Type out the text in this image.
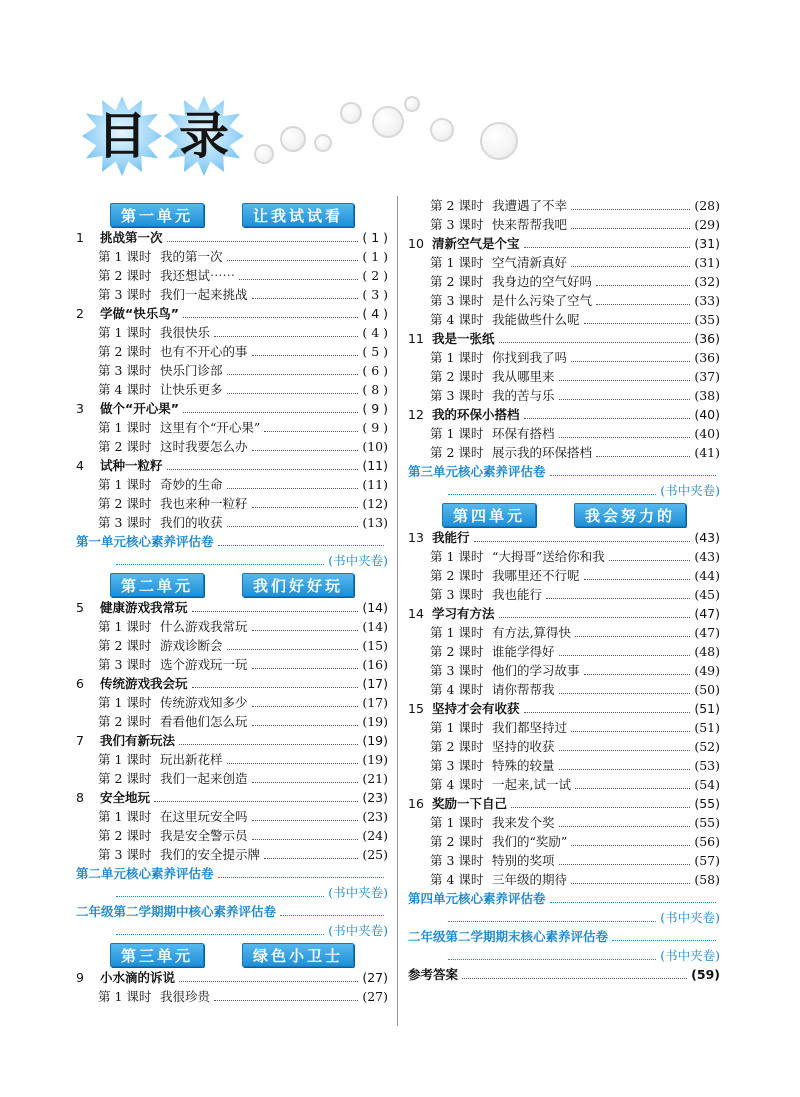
目 录
第一单元	让我试试看
1	挑战第一次	( 1 )
第 1 课时 我的第一次	( 1 )
第 2 课时 我还想试⋯⋯	( 2 )
第 3 课时 我们一起来挑战	( 3 )
2	学做“快乐鸟”	( 4 )
第 1 课时 我很快乐	( 4 )
第 2 课时 也有不开心的事	( 5 )
第 3 课时 快乐门诊部	( 6 )
第 4 课时 让快乐更多	( 8 )
3	做个“开心果”	( 9 )
第 1 课时 这里有个“开心果”	( 9 )
第 2 课时 这时我要怎么办	(10)
4	试种一粒籽	(11)
第 1 课时 奇妙的生命	(11)
第 2 课时 我也来种一粒籽	(12)
第 3 课时 我们的收获	(13)
第一单元核心素养评估卷
(书中夹卷)
第二单元	我们好好玩
5	健康游戏我常玩	(14)
第 1 课时 什么游戏我常玩	(14)
第 2 课时 游戏诊断会	(15)
第 3 课时 选个游戏玩一玩	(16)
6	传统游戏我会玩	(17)
第 1 课时 传统游戏知多少	(17)
第 2 课时 看看他们怎么玩	(19)
7	我们有新玩法	(19)
第 1 课时 玩出新花样	(19)
第 2 课时 我们一起来创造	(21)
8	安全地玩	(23)
第 1 课时 在这里玩安全吗	(23)
第 2 课时 我是安全警示员	(24)
第 3 课时 我们的安全提示牌	(25)
第二单元核心素养评估卷
(书中夹卷)
二年级第二学期期中核心素养评估卷
(书中夹卷)
第三单元	绿色小卫士
9	小水滴的诉说	(27)
第 1 课时 我很珍贵	(27)
第 2 课时 我遭遇了不幸	(28)
第 3 课时 快来帮帮我吧	(29)
10 清新空气是个宝	(31)
第 1 课时 空气清新真好	(31)
第 2 课时 我身边的空气好吗	(32)
第 3 课时 是什么污染了空气	(33)
第 4 课时 我能做些什么呢	(35)
11 我是一张纸	(36)
第 1 课时 你找到我了吗	(36)
第 2 课时 我从哪里来	(37)
第 3 课时 我的苦与乐	(38)
12 我的环保小搭档	(40)
第 1 课时 环保有搭档	(40)
第 2 课时 展示我的环保搭档	(41)
第三单元核心素养评估卷
(书中夹卷)
第四单元	我会努力的
13 我能行	(43)
第 1 课时 “大拇哥”送给你和我	(43)
第 2 课时 我哪里还不行呢	(44)
第 3 课时 我也能行	(45)
14 学习有方法	(47)
第 1 课时 有方法,算得快	(47)
第 2 课时 谁能学得好	(48)
第 3 课时 他们的学习故事	(49)
第 4 课时 请你帮帮我	(50)
15 坚持才会有收获	(51)
第 1 课时 我们都坚持过	(51)
第 2 课时 坚持的收获	(52)
第 3 课时 特殊的较量	(53)
第 4 课时 一起来,试一试	(54)
16 奖励一下自己	(55)
第 1 课时 我来发个奖	(55)
第 2 课时 我们的“奖励”	(56)
第 3 课时 特别的奖项	(57)
第 4 课时 三年级的期待	(58)
第四单元核心素养评估卷
(书中夹卷)
二年级第二学期期末核心素养评估卷
(书中夹卷)
参考答案	(59)
